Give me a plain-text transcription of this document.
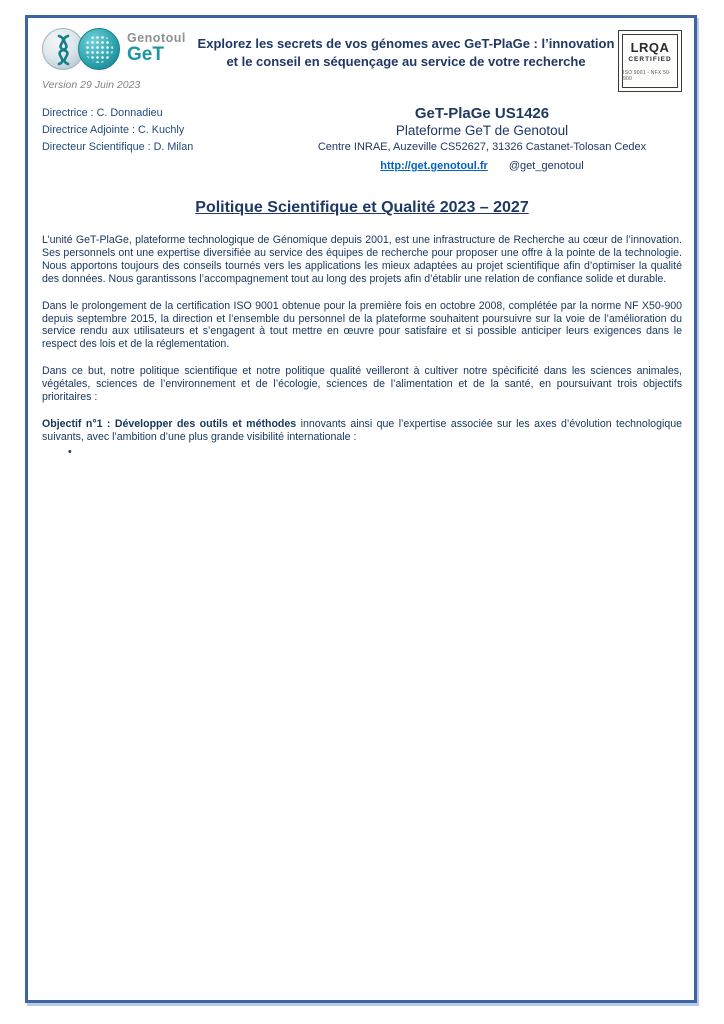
Genotoul
GeT
Version 29 Juin 2023
Explorez les secrets de vos génomes avec GeT-PlaGe : l’innovation
et le conseil en séquençage au service de votre recherche
LRQA
CERTIFIED
ISO 9001 - NFX 50-900
Directrice : C. Donnadieu
Directrice Adjointe : C. Kuchly
Directeur Scientifique : D. Milan
GeT-PlaGe US1426
Plateforme GeT de Genotoul
Centre INRAE, Auzeville CS52627, 31326 Castanet-Tolosan Cedex
http://get.genotoul.fr @get_genotoul
Politique Scientifique et Qualité 2023 – 2027

L’unité GeT-PlaGe, plateforme technologique de Génomique depuis 2001, est une infrastructure de Recherche au cœur de l’innovation. Ses personnels ont une expertise diversifiée au service des équipes de recherche pour proposer une offre à la pointe de la technologie. Nous apportons toujours des conseils tournés vers les applications les mieux adaptées au projet scientifique afin d’optimiser la qualité des données. Nous garantissons l’accompagnement tout au long des projets afin d’établir une relation de confiance solide et durable.

Dans le prolongement de la certification ISO 9001 obtenue pour la première fois en octobre 2008, complétée par la norme NF X50-900 depuis septembre 2015, la direction et l’ensemble du personnel de la plateforme souhaitent poursuivre sur la voie de l’amélioration du service rendu aux utilisateurs et s’engagent à tout mettre en œuvre pour satisfaire et si possible anticiper leurs exigences dans le respect des lois et de la réglementation.

Dans ce but, notre politique scientifique et notre politique qualité veilleront à cultiver notre spécificité dans les sciences animales, végétales, sciences de l’environnement et de l’écologie, sciences de l’alimentation et de la santé, en poursuivant trois objectifs prioritaires :

Objectif n°1 : Développer des outils et méthodes innovants ainsi que l’expertise associée sur les axes d’évolution technologique suivants, avec l’ambition d’une plus grande visibilité internationale :

•
